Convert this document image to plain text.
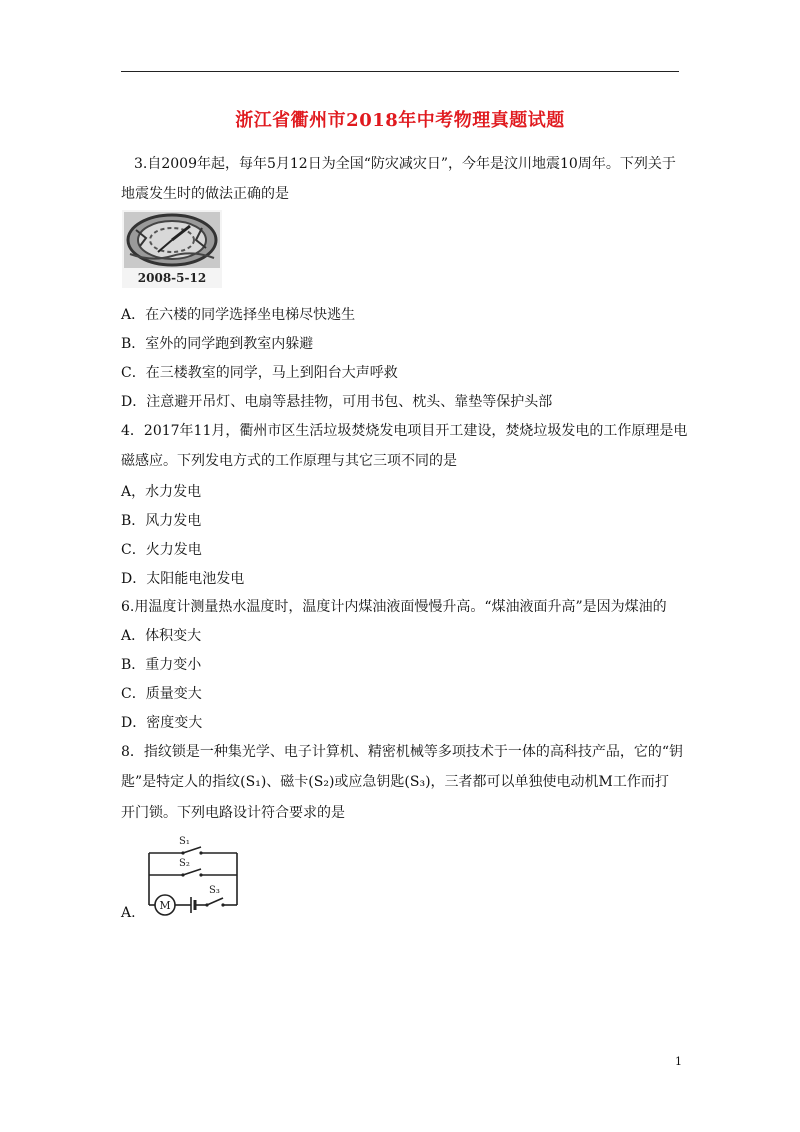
浙江省衢州市2018年中考物理真题试题
3.自2009年起，每年5月12日为全国“防灾减灾日”，今年是汶川地震10周年。下列关于
地震发生时的做法正确的是
2008-5-12
A．在六楼的同学选择坐电梯尽快逃生
B．室外的同学跑到教室内躲避
C．在三楼教室的同学，马上到阳台大声呼救
D．注意避开吊灯、电扇等悬挂物，可用书包、枕头、靠垫等保护头部
4．2017年11月，衢州市区生活垃圾焚烧发电项目开工建设，焚烧垃圾发电的工作原理是电
磁感应。下列发电方式的工作原理与其它三项不同的是
A，水力发电
B．风力发电
C．火力发电
D．太阳能电池发电
6.用温度计测量热水温度时，温度计内煤油液面慢慢升高。“煤油液面升高”是因为煤油的
A．体积变大
B．重力变小
C．质量变大
D．密度变大
8．指纹锁是一种集光学、电子计算机、精密机械等多项技术于一体的高科技产品，它的“钥
匙”是特定人的指纹(S₁)、磁卡(S₂)或应急钥匙(S₃)，三者都可以单独使电动机M工作而打
开门锁。下列电路设计符合要求的是
S₁
S₂
M
S₃
A.
1
